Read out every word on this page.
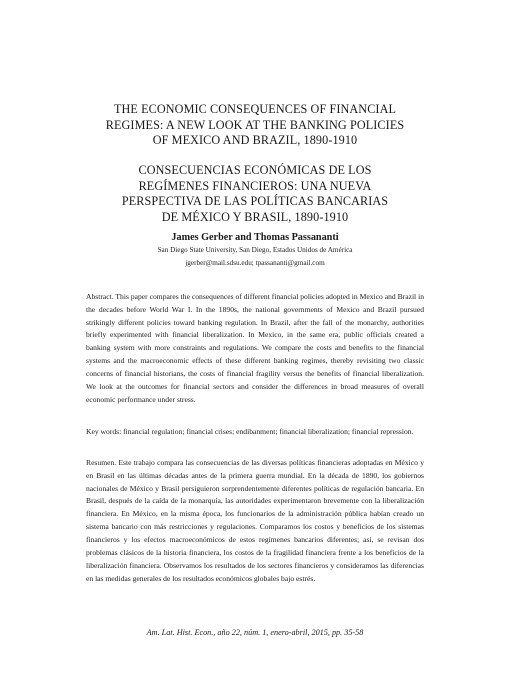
THE ECONOMIC CONSEQUENCES OF FINANCIAL
REGIMES: A NEW LOOK AT THE BANKING POLICIES
OF MEXICO AND BRAZIL, 1890-1910
CONSECUENCIAS ECONÓMICAS DE LOS
REGÍMENES FINANCIEROS: UNA NUEVA
PERSPECTIVA DE LAS POLÍTICAS BANCARIAS
DE MÉXICO Y BRASIL, 1890-1910
James Gerber and Thomas Passananti
San Diego State University, San Diego, Estados Unidos de América
jgerber@mail.sdsu.edu; tpassananti@gmail.com

Abstract. This paper compares the consequences of different financial policies adopted in Mexico and Brazil in the decades before World War I. In the 1890s, the national governments of Mexico and Brazil pursued strikingly different policies toward banking regulation. In Brazil, after the fall of the monarchy, authorities briefly experimented with financial liberalization. In Mexico, in the same era, public officials created a banking system with more constraints and regulations. We compare the costs and benefits to the financial systems and the macroeconomic effects of these different banking regimes, thereby revisiting two classic concerns of financial historians, the costs of financial fragility versus the benefits of financial liberalization. We look at the outcomes for financial sectors and consider the differences in broad measures of overall economic performance under stress.

Key words: financial regulation; financial crises; endibanment; financial liberalization; financial repression.

Resumen. Este trabajo compara las consecuencias de las diversas políticas financieras adoptadas en México y en Brasil en las últimas décadas antes de la primera guerra mundial. En la década de 1890, los gobiernos nacionales de México y Brasil persiguieron sorprendentemente diferentes políticas de regulación bancaria. En Brasil, después de la caída de la monarquía, las autoridades experimentaron brevemente con la liberalización financiera. En México, en la misma época, los funcionarios de la administración pública habían creado un sistema bancario con más restricciones y regulaciones. Comparamos los costos y beneficios de los sistemas financieros y los efectos macroeconómicos de estos regímenes bancarios diferentes; así, se revisan dos problemas clásicos de la historia financiera, los costos de la fragilidad financiera frente a los beneficios de la liberalización financiera. Observamos los resultados de los sectores financieros y consideramos las diferencias en las medidas generales de los resultados económicos globales bajo estrés.

Am. Lat. Hist. Econ., año 22, núm. 1, enero-abril, 2015, pp. 35-58
